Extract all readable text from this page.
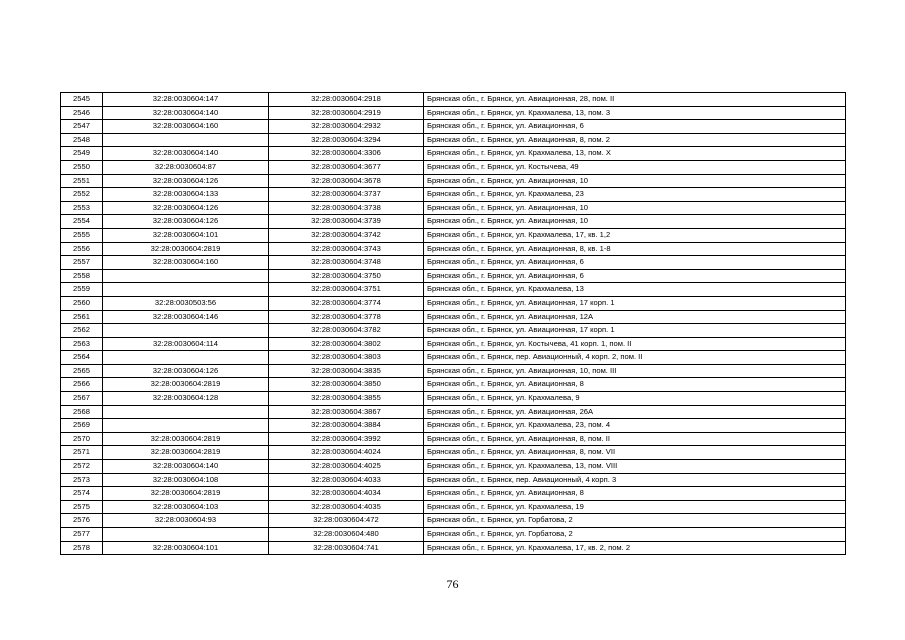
2545	32:28:0030604:147	32:28:0030604:2918	Брянская обл., г. Брянск, ул. Авиационная, 28, пом. II
2546	32:28:0030604:140	32:28:0030604:2919	Брянская обл., г. Брянск, ул. Крахмалева, 13, пом. 3
2547	32:28:0030604:160	32:28:0030604:2932	Брянская обл., г. Брянск, ул. Авиационная, 6
2548		32:28:0030604:3294	Брянская обл., г. Брянск, ул. Авиационная, 8, пом. 2
2549	32:28:0030604:140	32:28:0030604:3306	Брянская обл., г. Брянск, ул. Крахмалева, 13, пом. X
2550	32:28:0030604:87	32:28:0030604:3677	Брянская обл., г. Брянск, ул. Костычева, 49
2551	32:28:0030604:126	32:28:0030604:3678	Брянская обл., г. Брянск, ул. Авиационная, 10
2552	32:28:0030604:133	32:28:0030604:3737	Брянская обл., г. Брянск, ул. Крахмалева, 23
2553	32:28:0030604:126	32:28:0030604:3738	Брянская обл., г. Брянск, ул. Авиационная, 10
2554	32:28:0030604:126	32:28:0030604:3739	Брянская обл., г. Брянск, ул. Авиационная, 10
2555	32:28:0030604:101	32:28:0030604:3742	Брянская обл., г. Брянск, ул. Крахмалева, 17, кв. 1,2
2556	32:28:0030604:2819	32:28:0030604:3743	Брянская обл., г. Брянск, ул. Авиационная, 8, кв. 1-8
2557	32:28:0030604:160	32:28:0030604:3748	Брянская обл., г. Брянск, ул. Авиационная, 6
2558		32:28:0030604:3750	Брянская обл., г. Брянск, ул. Авиационная, 6
2559		32:28:0030604:3751	Брянская обл., г. Брянск, ул. Крахмалева, 13
2560	32:28:0030503:56	32:28:0030604:3774	Брянская обл., г. Брянск, ул. Авиационная, 17 корп. 1
2561	32:28:0030604:146	32:28:0030604:3778	Брянская обл., г. Брянск, ул. Авиационная, 12А
2562		32:28:0030604:3782	Брянская обл., г. Брянск, ул. Авиационная, 17 корп. 1
2563	32:28:0030604:114	32:28:0030604:3802	Брянская обл., г. Брянск, ул. Костычева, 41 корп. 1, пом. II
2564		32:28:0030604:3803	Брянская обл., г. Брянск, пер. Авиационный, 4 корп. 2, пом. II
2565	32:28:0030604:126	32:28:0030604:3835	Брянская обл., г. Брянск, ул. Авиационная, 10, пом. III
2566	32:28:0030604:2819	32:28:0030604:3850	Брянская обл., г. Брянск, ул. Авиационная, 8
2567	32:28:0030604:128	32:28:0030604:3855	Брянская обл., г. Брянск, ул. Крахмалева, 9
2568		32:28:0030604:3867	Брянская обл., г. Брянск, ул. Авиационная, 26А
2569		32:28:0030604:3884	Брянская обл., г. Брянск, ул. Крахмалева, 23, пом. 4
2570	32:28:0030604:2819	32:28:0030604:3992	Брянская обл., г. Брянск, ул. Авиационная, 8, пом. II
2571	32:28:0030604:2819	32:28:0030604:4024	Брянская обл., г. Брянск, ул. Авиационная, 8, пом. VII
2572	32:28:0030604:140	32:28:0030604:4025	Брянская обл., г. Брянск, ул. Крахмалева, 13, пом. VIII
2573	32:28:0030604:108	32:28:0030604:4033	Брянская обл., г. Брянск, пер. Авиационный, 4 корп. 3
2574	32:28:0030604:2819	32:28:0030604:4034	Брянская обл., г. Брянск, ул. Авиационная, 8
2575	32:28:0030604:103	32:28:0030604:4035	Брянская обл., г. Брянск, ул. Крахмалева, 19
2576	32:28:0030604:93	32:28:0030604:472	Брянская обл., г. Брянск, ул. Горбатова, 2
2577		32:28:0030604:480	Брянская обл., г. Брянск, ул. Горбатова, 2
2578	32:28:0030604:101	32:28:0030604:741	Брянская обл., г. Брянск, ул. Крахмалева, 17, кв. 2, пом. 2
76
